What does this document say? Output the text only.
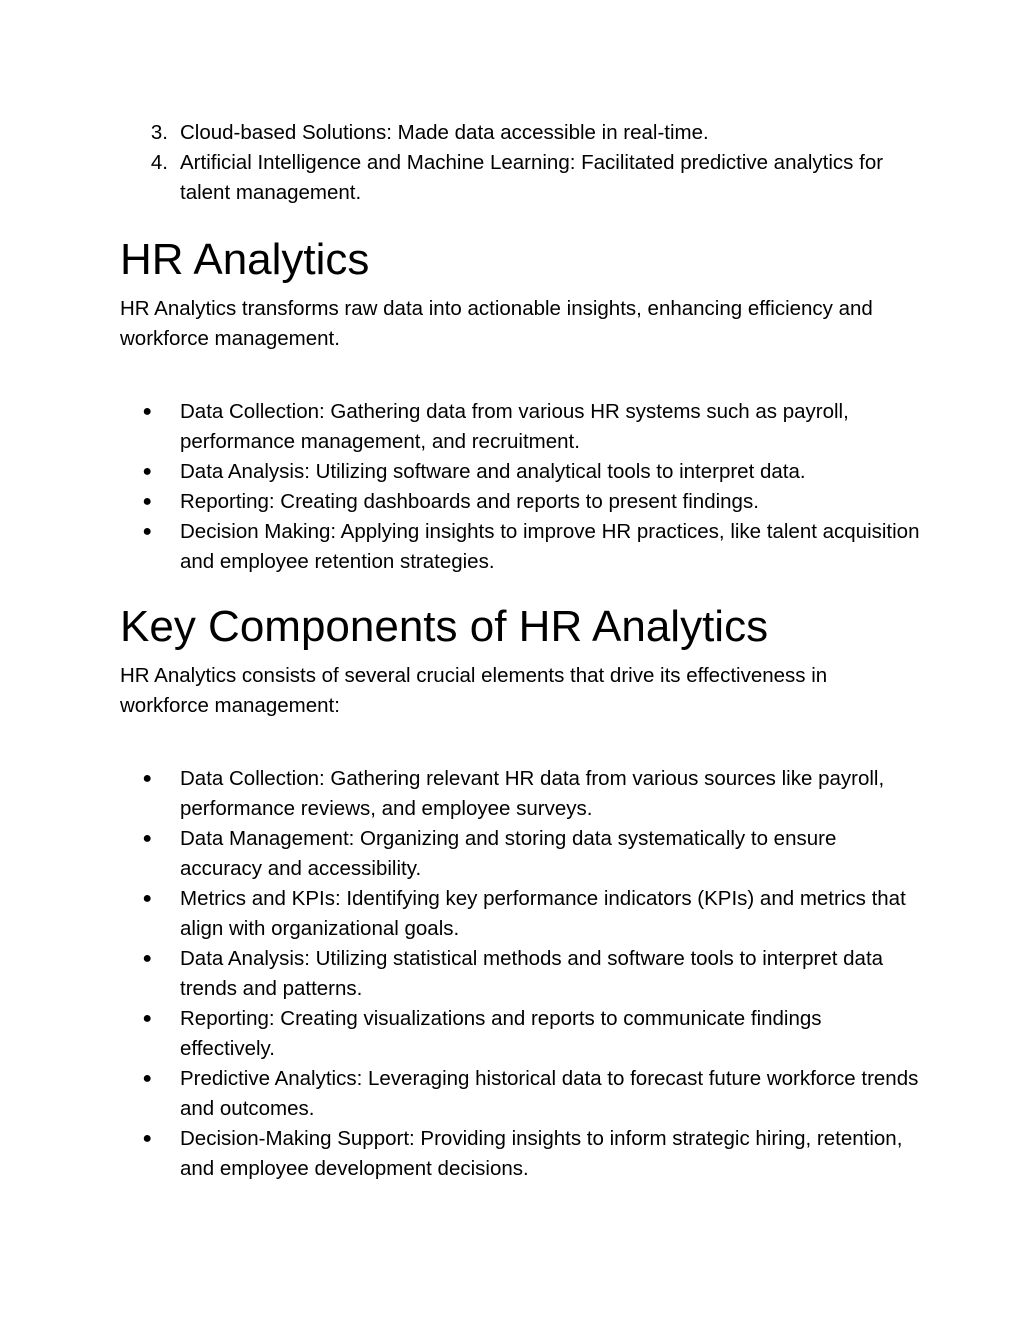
3. Cloud-based Solutions: Made data accessible in real-time.
4. Artificial Intelligence and Machine Learning: Facilitated predictive analytics for talent management.
HR Analytics

HR Analytics transforms raw data into actionable insights, enhancing efficiency and workforce management.

● Data Collection: Gathering data from various HR systems such as payroll, performance management, and recruitment.
● Data Analysis: Utilizing software and analytical tools to interpret data.
● Reporting: Creating dashboards and reports to present findings.
● Decision Making: Applying insights to improve HR practices, like talent acquisition and employee retention strategies.
Key Components of HR Analytics

HR Analytics consists of several crucial elements that drive its effectiveness in workforce management:

● Data Collection: Gathering relevant HR data from various sources like payroll, performance reviews, and employee surveys.
● Data Management: Organizing and storing data systematically to ensure accuracy and accessibility.
● Metrics and KPIs: Identifying key performance indicators (KPIs) and metrics that align with organizational goals.
● Data Analysis: Utilizing statistical methods and software tools to interpret data trends and patterns.
● Reporting: Creating visualizations and reports to communicate findings effectively.
● Predictive Analytics: Leveraging historical data to forecast future workforce trends and outcomes.
● Decision-Making Support: Providing insights to inform strategic hiring, retention, and employee development decisions.
